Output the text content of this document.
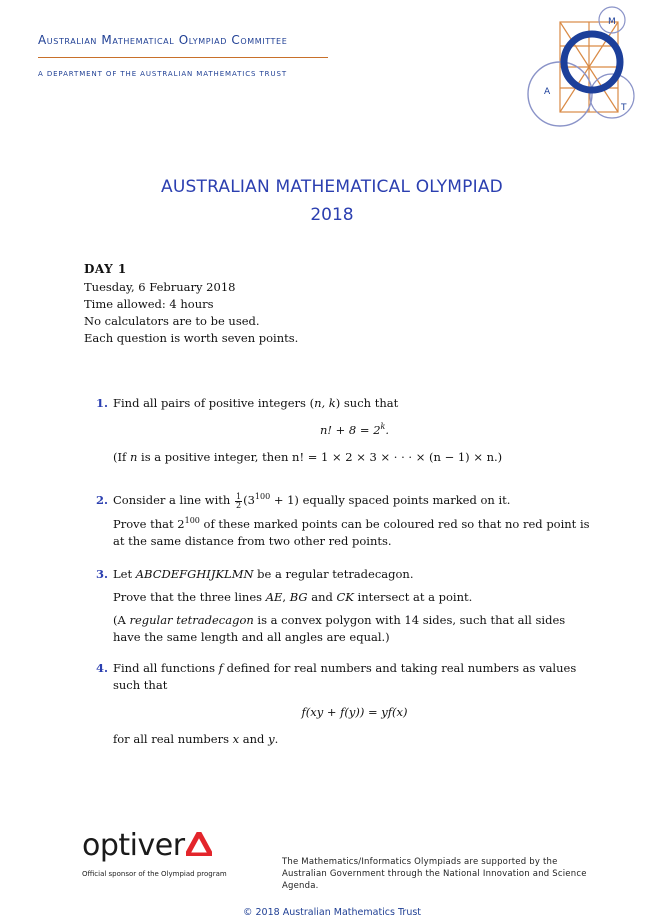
Australian Mathematical Olympiad Committee
A DEPARTMENT OF THE AUSTRALIAN MATHEMATICS TRUST
M
A
T
AUSTRALIAN MATHEMATICAL OLYMPIAD
2018
DAY 1
Tuesday, 6 February 2018
Time allowed: 4 hours
No calculators are to be used.
Each question is worth seven points.
1. Find all pairs of positive integers (n, k) such that

n! + $8 = 2^k$.

(If n is a positive integer, then n! = 1 × 2 × 3 × · · · × (n − 1) × n.)

2. Consider a line with $\frac{1}{2} (3^{100} + 1)$ equally spaced points marked on it.

Prove that $2^{100}$ of these marked points can be coloured red so that no red point is at the same distance from two other red points.

3. Let ABCDEFGHIJKLMN be a regular tetradecagon.

Prove that the three lines AE, BG and CK intersect at a point.

(A regular tetradecagon is a convex polygon with 14 sides, such that all sides have the same length and all angles are equal.)

4. Find all functions f defined for real numbers and taking real numbers as values such that

f(xy + f(y)) = yf(x)

for all real numbers x and y.

optiver
Official sponsor of the Olympiad program
The Mathematics/Informatics Olympiads are supported by the Australian Government through the National Innovation and Science Agenda.
© 2018 Australian Mathematics Trust
